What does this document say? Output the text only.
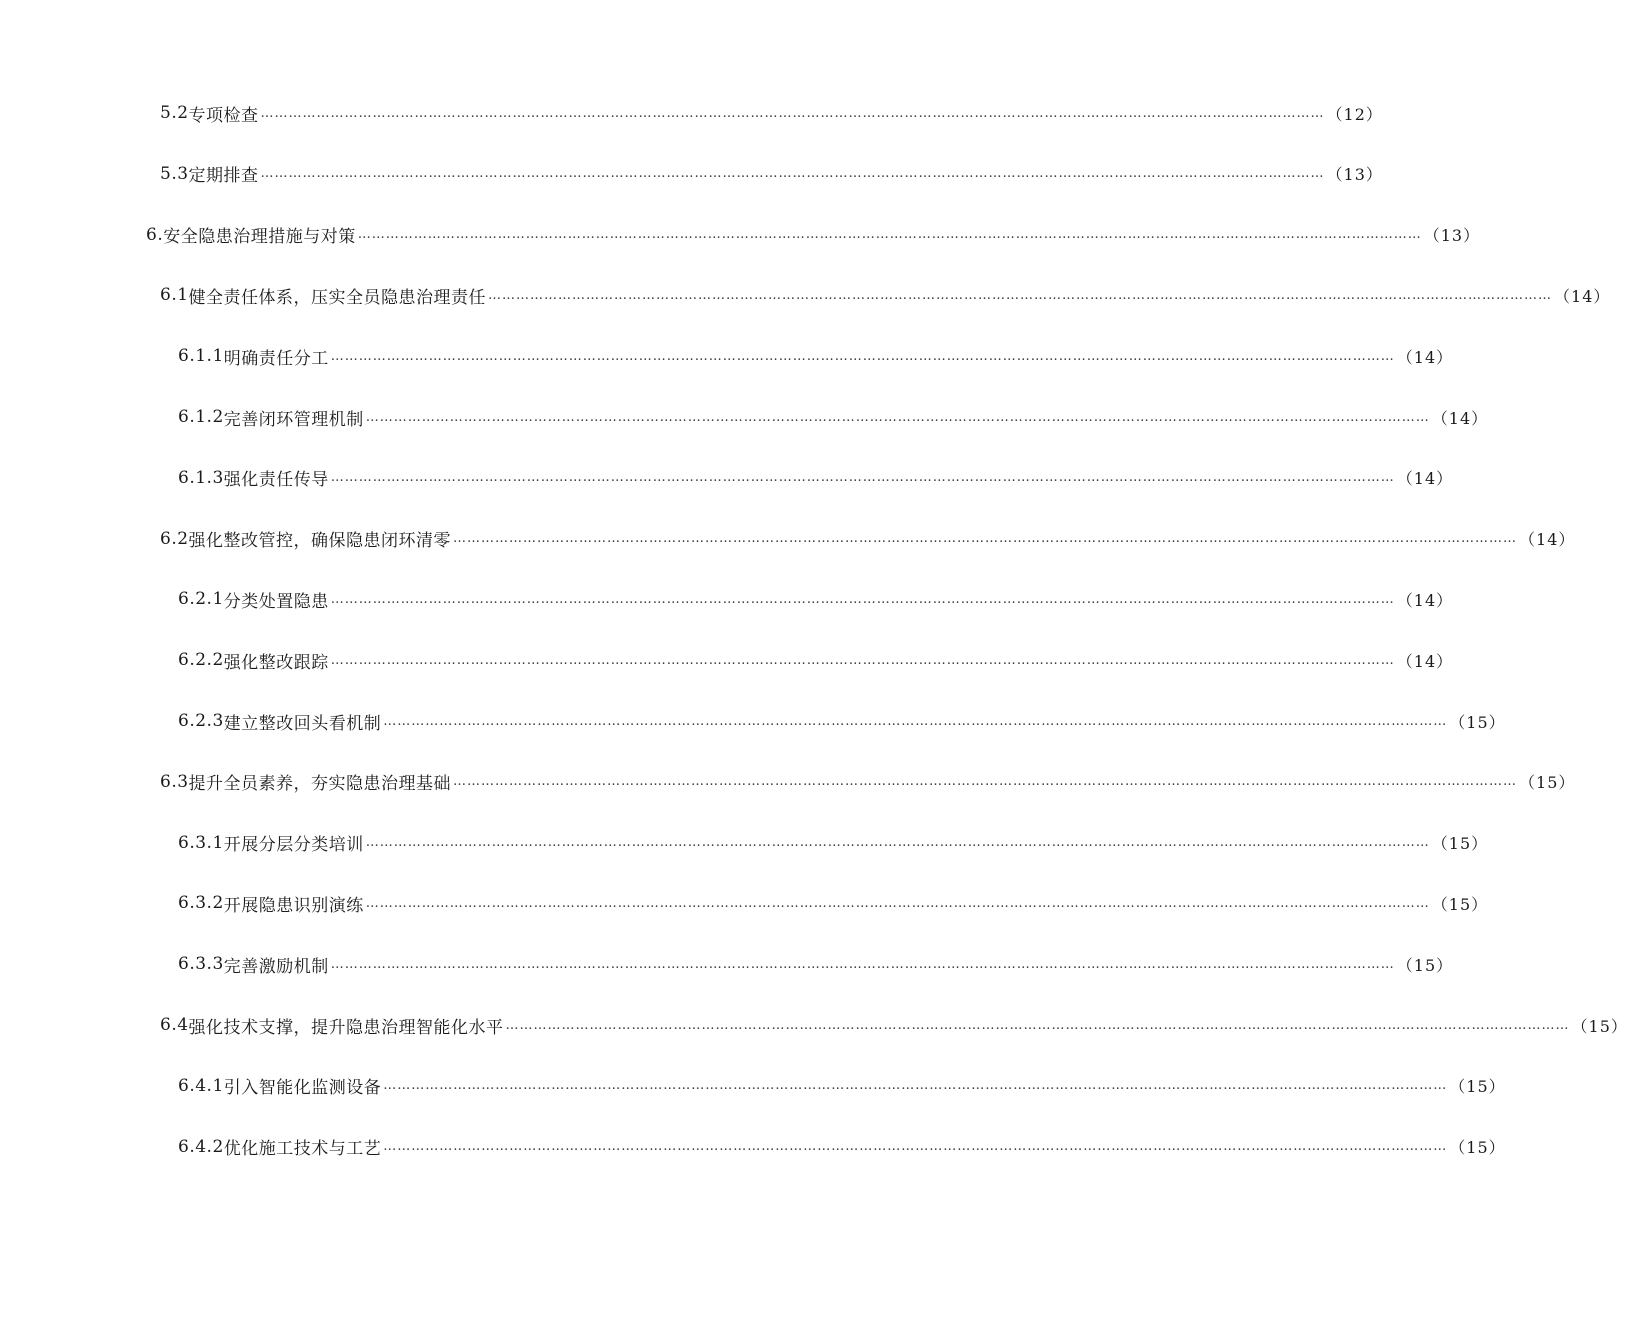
5.2 专项检查 ………………………………………………………………………………………………………………………………………………………………………………………………………… （12）
5.3 定期排查 ………………………………………………………………………………………………………………………………………………………………………………………………………… （13）
6. 安全隐患治理措施与对策 ………………………………………………………………………………………………………………………………………………………………………………………………………… （13）
6.1 健全责任体系，压实全员隐患治理责任 ………………………………………………………………………………………………………………………………………………………………………………………………………… （14）
6.1.1 明确责任分工 ………………………………………………………………………………………………………………………………………………………………………………………………………… （14）
6.1.2 完善闭环管理机制 ………………………………………………………………………………………………………………………………………………………………………………………………………… （14）
6.1.3 强化责任传导 ………………………………………………………………………………………………………………………………………………………………………………………………………… （14）
6.2 强化整改管控，确保隐患闭环清零 ………………………………………………………………………………………………………………………………………………………………………………………………………… （14）
6.2.1 分类处置隐患 ………………………………………………………………………………………………………………………………………………………………………………………………………… （14）
6.2.2 强化整改跟踪 ………………………………………………………………………………………………………………………………………………………………………………………………………… （14）
6.2.3 建立整改回头看机制 ………………………………………………………………………………………………………………………………………………………………………………………………………… （15）
6.3 提升全员素养，夯实隐患治理基础 ………………………………………………………………………………………………………………………………………………………………………………………………………… （15）
6.3.1 开展分层分类培训 ………………………………………………………………………………………………………………………………………………………………………………………………………… （15）
6.3.2 开展隐患识别演练 ………………………………………………………………………………………………………………………………………………………………………………………………………… （15）
6.3.3 完善激励机制 ………………………………………………………………………………………………………………………………………………………………………………………………………… （15）
6.4 强化技术支撑，提升隐患治理智能化水平 ………………………………………………………………………………………………………………………………………………………………………………………………………… （15）
6.4.1 引入智能化监测设备 ………………………………………………………………………………………………………………………………………………………………………………………………………… （15）
6.4.2 优化施工技术与工艺 ………………………………………………………………………………………………………………………………………………………………………………………………………… （15）
